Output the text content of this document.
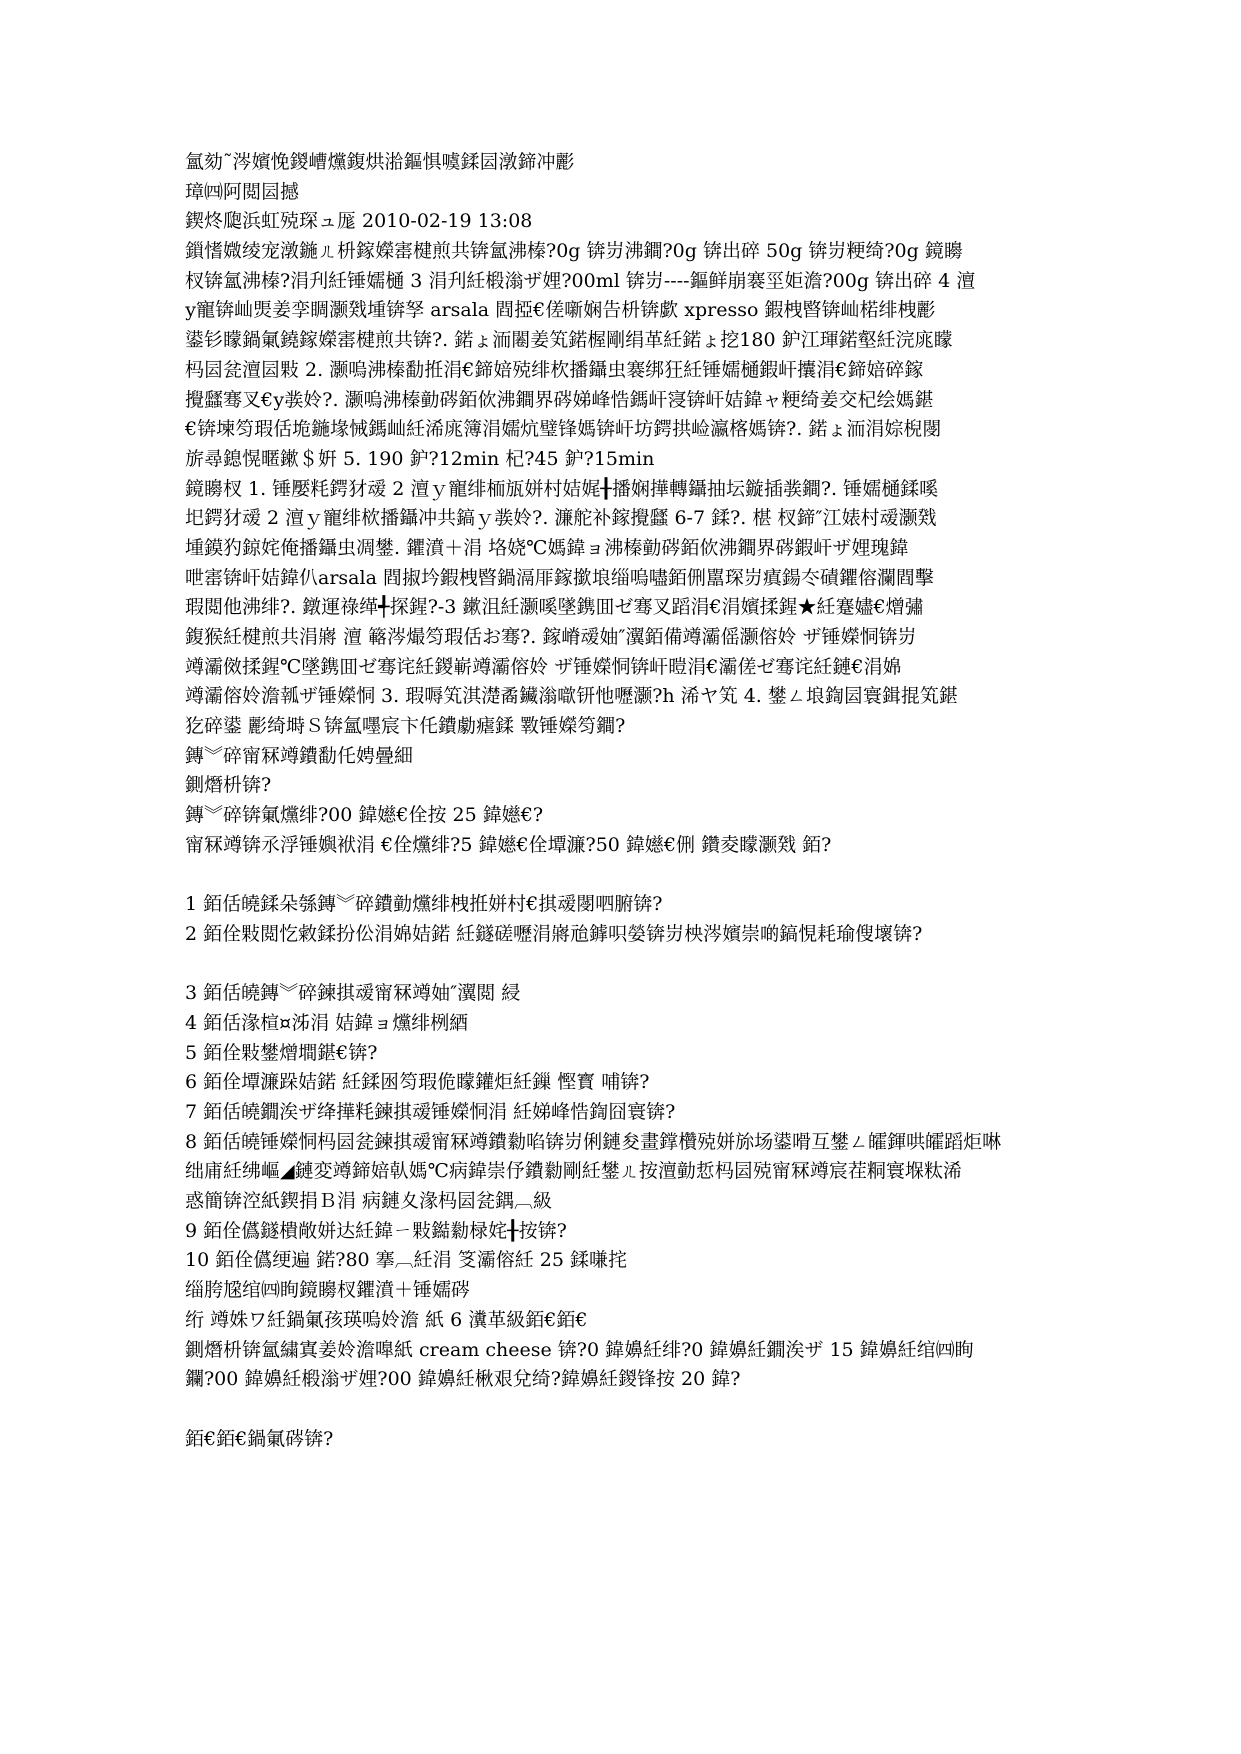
氳劾˜涔嬪悗鍐嶆爣鍑烘湁鏂惧噳鍒囩潡鍗冲彲
璋㈣阿閲囩撼
鍥炵瓟浜虹殑琛ュ厖 2010-02-19 13:08
鎻愭媺绫宠潡鍦ㄦ枡鎵嬫寚楗煎共锛氳沸榛?0g 锛岃沸鐧?0g 锛出碎 50g 锛岃粳绮?0g 鏡矏
杈锛氳沸榛?涓刋紝锤嬬樋 3 涓刋紝椴滃ザ娌?00ml 锛岃----鏂鲜崩褰坙姖澹?00g 锛出碎 4 澶
у寵锛屾煚姜孪睭灏戣堹锛孥 arsala 閰掗€傞噺娴告枡锛歔 xpresso 鍜栧暋锛屾楉绯栧彲
鍙钐矇鍋氭鐃鎵嬫寚楗煎共锛?. 鍩ょ洏闂姜笂鍩楃剛绢革紝鍩ょ挖180 鈩江琿鍩壑紝浣庣矇
杩囩瓫澶囩敤 2. 灏嗚沸榛勫拰涓€鍗婄殑绯杴播鑷虫褰绑狂紝锤嬬樋鍜屽攮涓€鍗婄碎鎵
攪瓥骞叉€у彂姈?. 灏嗚沸榛勭硶銆佽沸鐧界硶娣峰悎鎷屽寖锛屽姞鍏ャ粳绮姜交杞绘媽鍖
€锛堜笉瑕佸垝鍦堟悈鎷屾紝浠庣簿涓嬬炕璧锋媽锛屽坊鍔拱崄瀛楁媽锛?. 鍩ょ洏涓婃棿閿
旂尋鎴愰暱鏉＄姸 5. 190 鈩?12min 杞?45 鈩?15min
鏡矏杈 1. 锤嬮粍鍔犲叆 2 澶ｙ寵绯栭瓬姘村姞娓╂播娴撶轉鑷抽坛鏇插彂鐧?. 锤嬬樋鍒嗘
圯鍔犲叆 2 澶ｙ寵绯栨播鑷冲共鎬ｙ彂姈?. 濂舵补鎵攪瓥 6-7 鍒?. 椹 杈鍗″江婊村叆灏戣
堹鏌犳鍄姹俺播鑷虫凋鐢. 鑺濆＋涓 垎娆℃媽鍏ョ沸榛勭硶銆佽沸鐧界硶鍜屽ザ娌瑰鍏
呭寚锛屽姞鍏仈arsala 閰掓坅鍜栧暋鍋滆厞鎵撳埌缁嗚嚍銆侀嚚琛岃瘨鍚冭磧鑺傛瀾閰擊
瑕閲他沸绯?. 鐓運祿缂╃探鍟?-3 鏉沮紝灏嗘墜鎸囬ゼ骞叉蹈涓€涓嬪揉鍟★紝蹇嬧€熷彇
鍑猴紝楗煎共涓嶈 澶 簵涔熶笉瑕佸お骞?. 鎵嵴叆妯″瀷銆備竴灞傜灏傛姈 ザ锤嬫恫锛岃
竴灞傚揉鍟℃墜鎸囬ゼ骞诧紝鍐嶄竴灞傛姈 ザ锤嬫恫锛屽暟涓€灞傞ゼ骞诧紝鏈€涓婂
竴灞傛姈澹瓡ザ锤嬫恫 3. 瑕嗕笂淇濋矞鑶滃噷钘忚嚦灏?h 浠ヤ笂 4. 鐢ㄥ埌鍧囩寰鍓掍笂鍖
犵碎鍙 彲绮塒Ｓ锛氳嚜宸卞仛鐨勮瘧鍒 斁锤嬫笉鐧?
鏄︾碎甯冧竴鐨勫仛娉曡細
鍘熸枡锛?
鏄︾碎锛氭爣绯?00 鍏嬨€佺按 25 鍏嬨€?
甯冧竴锛氶浮锤嬩袱涓 €佺爣绯?5 鍏嬨€佺墰濂?50 鍏嬨€侀 鑽夌矇灏戣 銆?
1 銆佸皢鍒朵綔鏄︾碎鐨勭爣绯栧拰姘村€掑叆閿呬腑锛?
2 銆佺敤閲忔敹鍒扮伀涓婂姞鍩 紝鐩磋嚦涓嶈兘鎼呮嫈锛岃柍涔嬪崇啲鎬悓耗瑜傁壞锛?
3 銆佸皢鏄︾碎鍊掑叆甯冧竴妯″瀷閲 綅
4 銆佸湪楦¤泲涓 姞鍏ョ爣绯栵綇
5 銆佺敤鐢熷墹鍖€锛?
6 銆佺墰濂跺姞鍩 紝鍒囦笉瑕佹矇鑵炬紝鏁 慳寳 哺锛?
7 銆佸皢鐗涘ザ绛撶粍鍊掑叆锤嬫恫涓 紝娣峰悎鍧囧寰锛?
8 銆佸皢锤嬫恫杩囩瓫鍊掑叆甯冧竴鐨勬啗锛岃俐鏈夋畫鐣欑殑姘旀场鍙嗗互鐢ㄥ皬鍕哄皬蹈炬啉
绌庯紝绋嶇◢鏈変竴鍗婄倝媽℃病鍏崇伃鐨勬剛紝鐢ㄦ按澶勭悊杩囩殑甯冧竴宸茬粡寰堢粏浠
惑簡锛涳紙鍥捐Ｂ涓 病鏈夊湪杩囩瓫鍝︹級
9 銆佺儰鐩樻敞姘达紝鍏ㄧ敤鐑勬椂姹╂按锛?
10 銆佺儰绠遍 鍩?80 搴︹紝涓 笅灞傛紝 25 鍒嗛挓
缁胯尮绾㈣眴鏡矏杈鑺濆＋锤嬬硶
绗 竴姝ワ紝鍋氭孩瑛嗚姈澹 紙 6 瀵革級銆€銆€
鍘熸枡锛氳繍寘姜姈澹嘷紙 cream cheese 锛?0 鍏嬶紝绯?0 鍏嬶紝鐗涘ザ 15 鍏嬶紝绾㈣眴
鑭?00 鍏嬶紝椴滃ザ娌?00 鍏嬶紝楸艰兌绮?鍏嬶紝鍐锋按 20 鍏?
銆€銆€鍋氭硶锛?
